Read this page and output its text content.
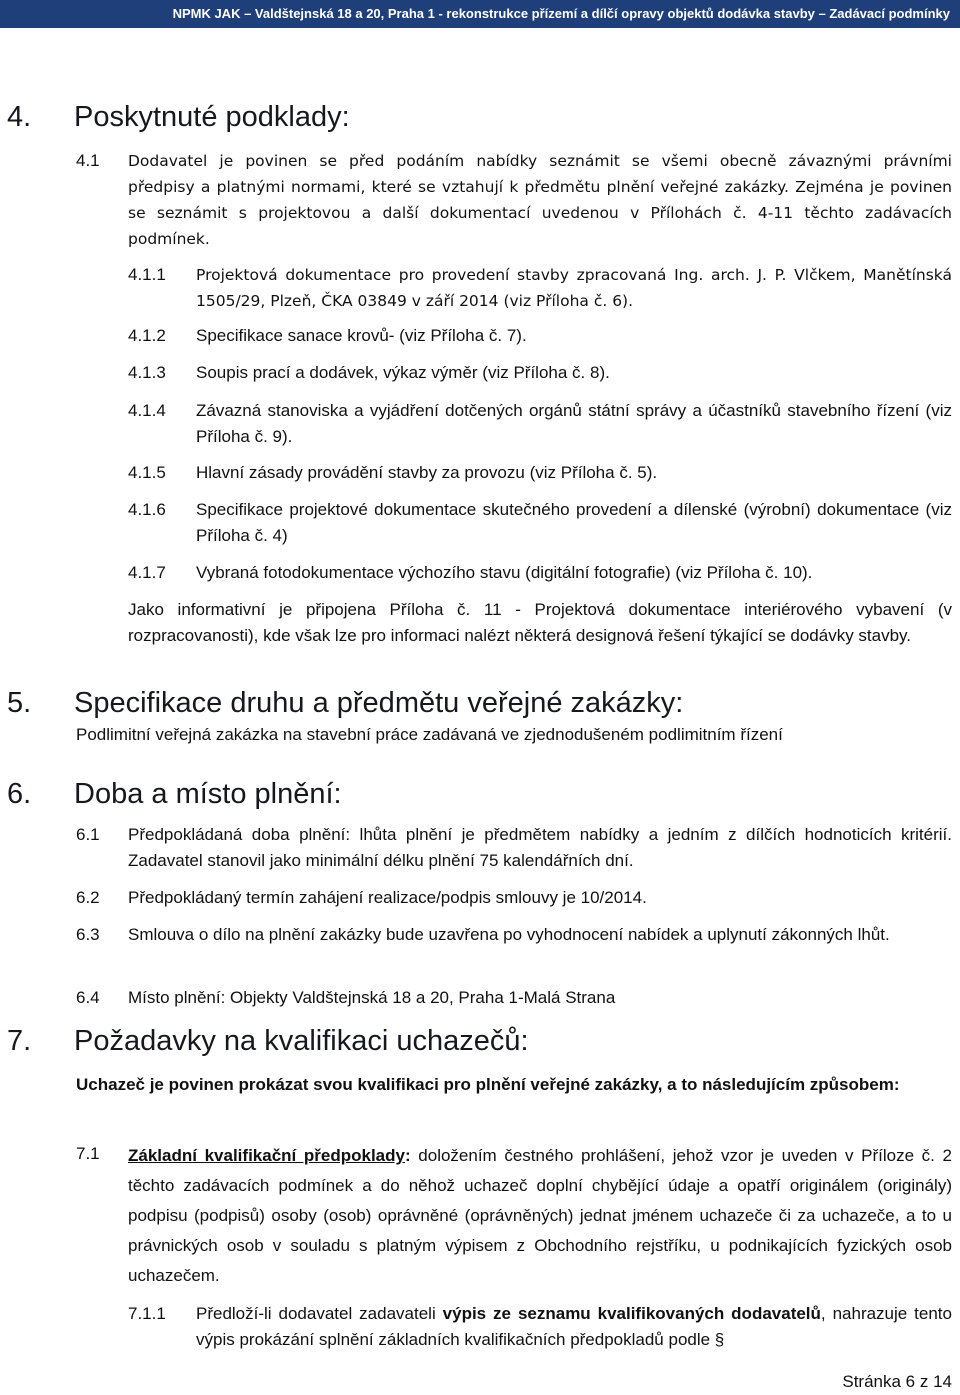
NPMK JAK – Valdštejnská 18 a 20, Praha 1 - rekonstrukce přízemí a dílčí opravy objektů dodávka stavby – Zadávací podmínky
4. Poskytnuté podklady:
4.1 Dodavatel je povinen se před podáním nabídky seznámit se všemi obecně závaznými právními
předpisy a platnými normami, které se vztahují k předmětu plnění veřejné zakázky. Zejména je povinen se seznámit s projektovou a další dokumentací uvedenou v Přílohách č. 4-11 těchto zadávacích podmínek.
4.1.1 Projektová dokumentace pro provedení stavby zpracovaná Ing. arch. J. P. Vlčkem, Manětínská 1505/29, Plzeň, ČKA 03849 v září 2014 (viz Příloha č. 6).
4.1.2 Specifikace sanace krovů- (viz Příloha č. 7).
4.1.3 Soupis prací a dodávek, výkaz výměr (viz Příloha č. 8).
4.1.4 Závazná stanoviska a vyjádření dotčených orgánů státní správy a účastníků stavebního řízení (viz Příloha č. 9).
4.1.5 Hlavní zásady provádění stavby za provozu (viz Příloha č. 5).
4.1.6 Specifikace projektové dokumentace skutečného provedení a dílenské (výrobní) dokumentace (viz Příloha č. 4)
4.1.7 Vybraná fotodokumentace výchozího stavu (digitální fotografie) (viz Příloha č. 10).
Jako informativní je připojena Příloha č. 11 - Projektová dokumentace interiérového vybavení (v rozpracovanosti), kde však lze pro informaci nalézt některá designová řešení týkající se dodávky stavby.
5. Specifikace druhu a předmětu veřejné zakázky:
Podlimitní veřejná zakázka na stavební práce zadávaná ve zjednodušeném podlimitním řízení
6. Doba a místo plnění:
6.1 Předpokládaná doba plnění: lhůta plnění je předmětem nabídky a jedním z dílčích hodnoticích kritérií. Zadavatel stanovil jako minimální délku plnění 75 kalendářních dní.
6.2 Předpokládaný termín zahájení realizace/podpis smlouvy je 10/2014.
6.3 Smlouva o dílo na plnění zakázky bude uzavřena po vyhodnocení nabídek a uplynutí zákonných lhůt.
6.4 Místo plnění: Objekty Valdštejnská 18 a 20, Praha 1-Malá Strana
7. Požadavky na kvalifikaci uchazečů:
Uchazeč je povinen prokázat svou kvalifikaci pro plnění veřejné zakázky, a to následujícím způsobem:
7.1 Základní kvalifikační předpoklady: doložením čestného prohlášení, jehož vzor je uveden v Příloze č. 2 těchto zadávacích podmínek a do něhož uchazeč doplní chybějící údaje a opatří originálem (originály) podpisu (podpisů) osoby (osob) oprávněné (oprávněných) jednat jménem uchazeče či za uchazeče, a to u právnických osob v souladu s platným výpisem z Obchodního rejstříku, u podnikajících fyzických osob uchazečem.
7.1.1 Předloží-li dodavatel zadavateli výpis ze seznamu kvalifikovaných dodavatelů, nahrazuje tento výpis prokázání splnění základních kvalifikačních předpokladů podle §
Stránka 6 z 14
